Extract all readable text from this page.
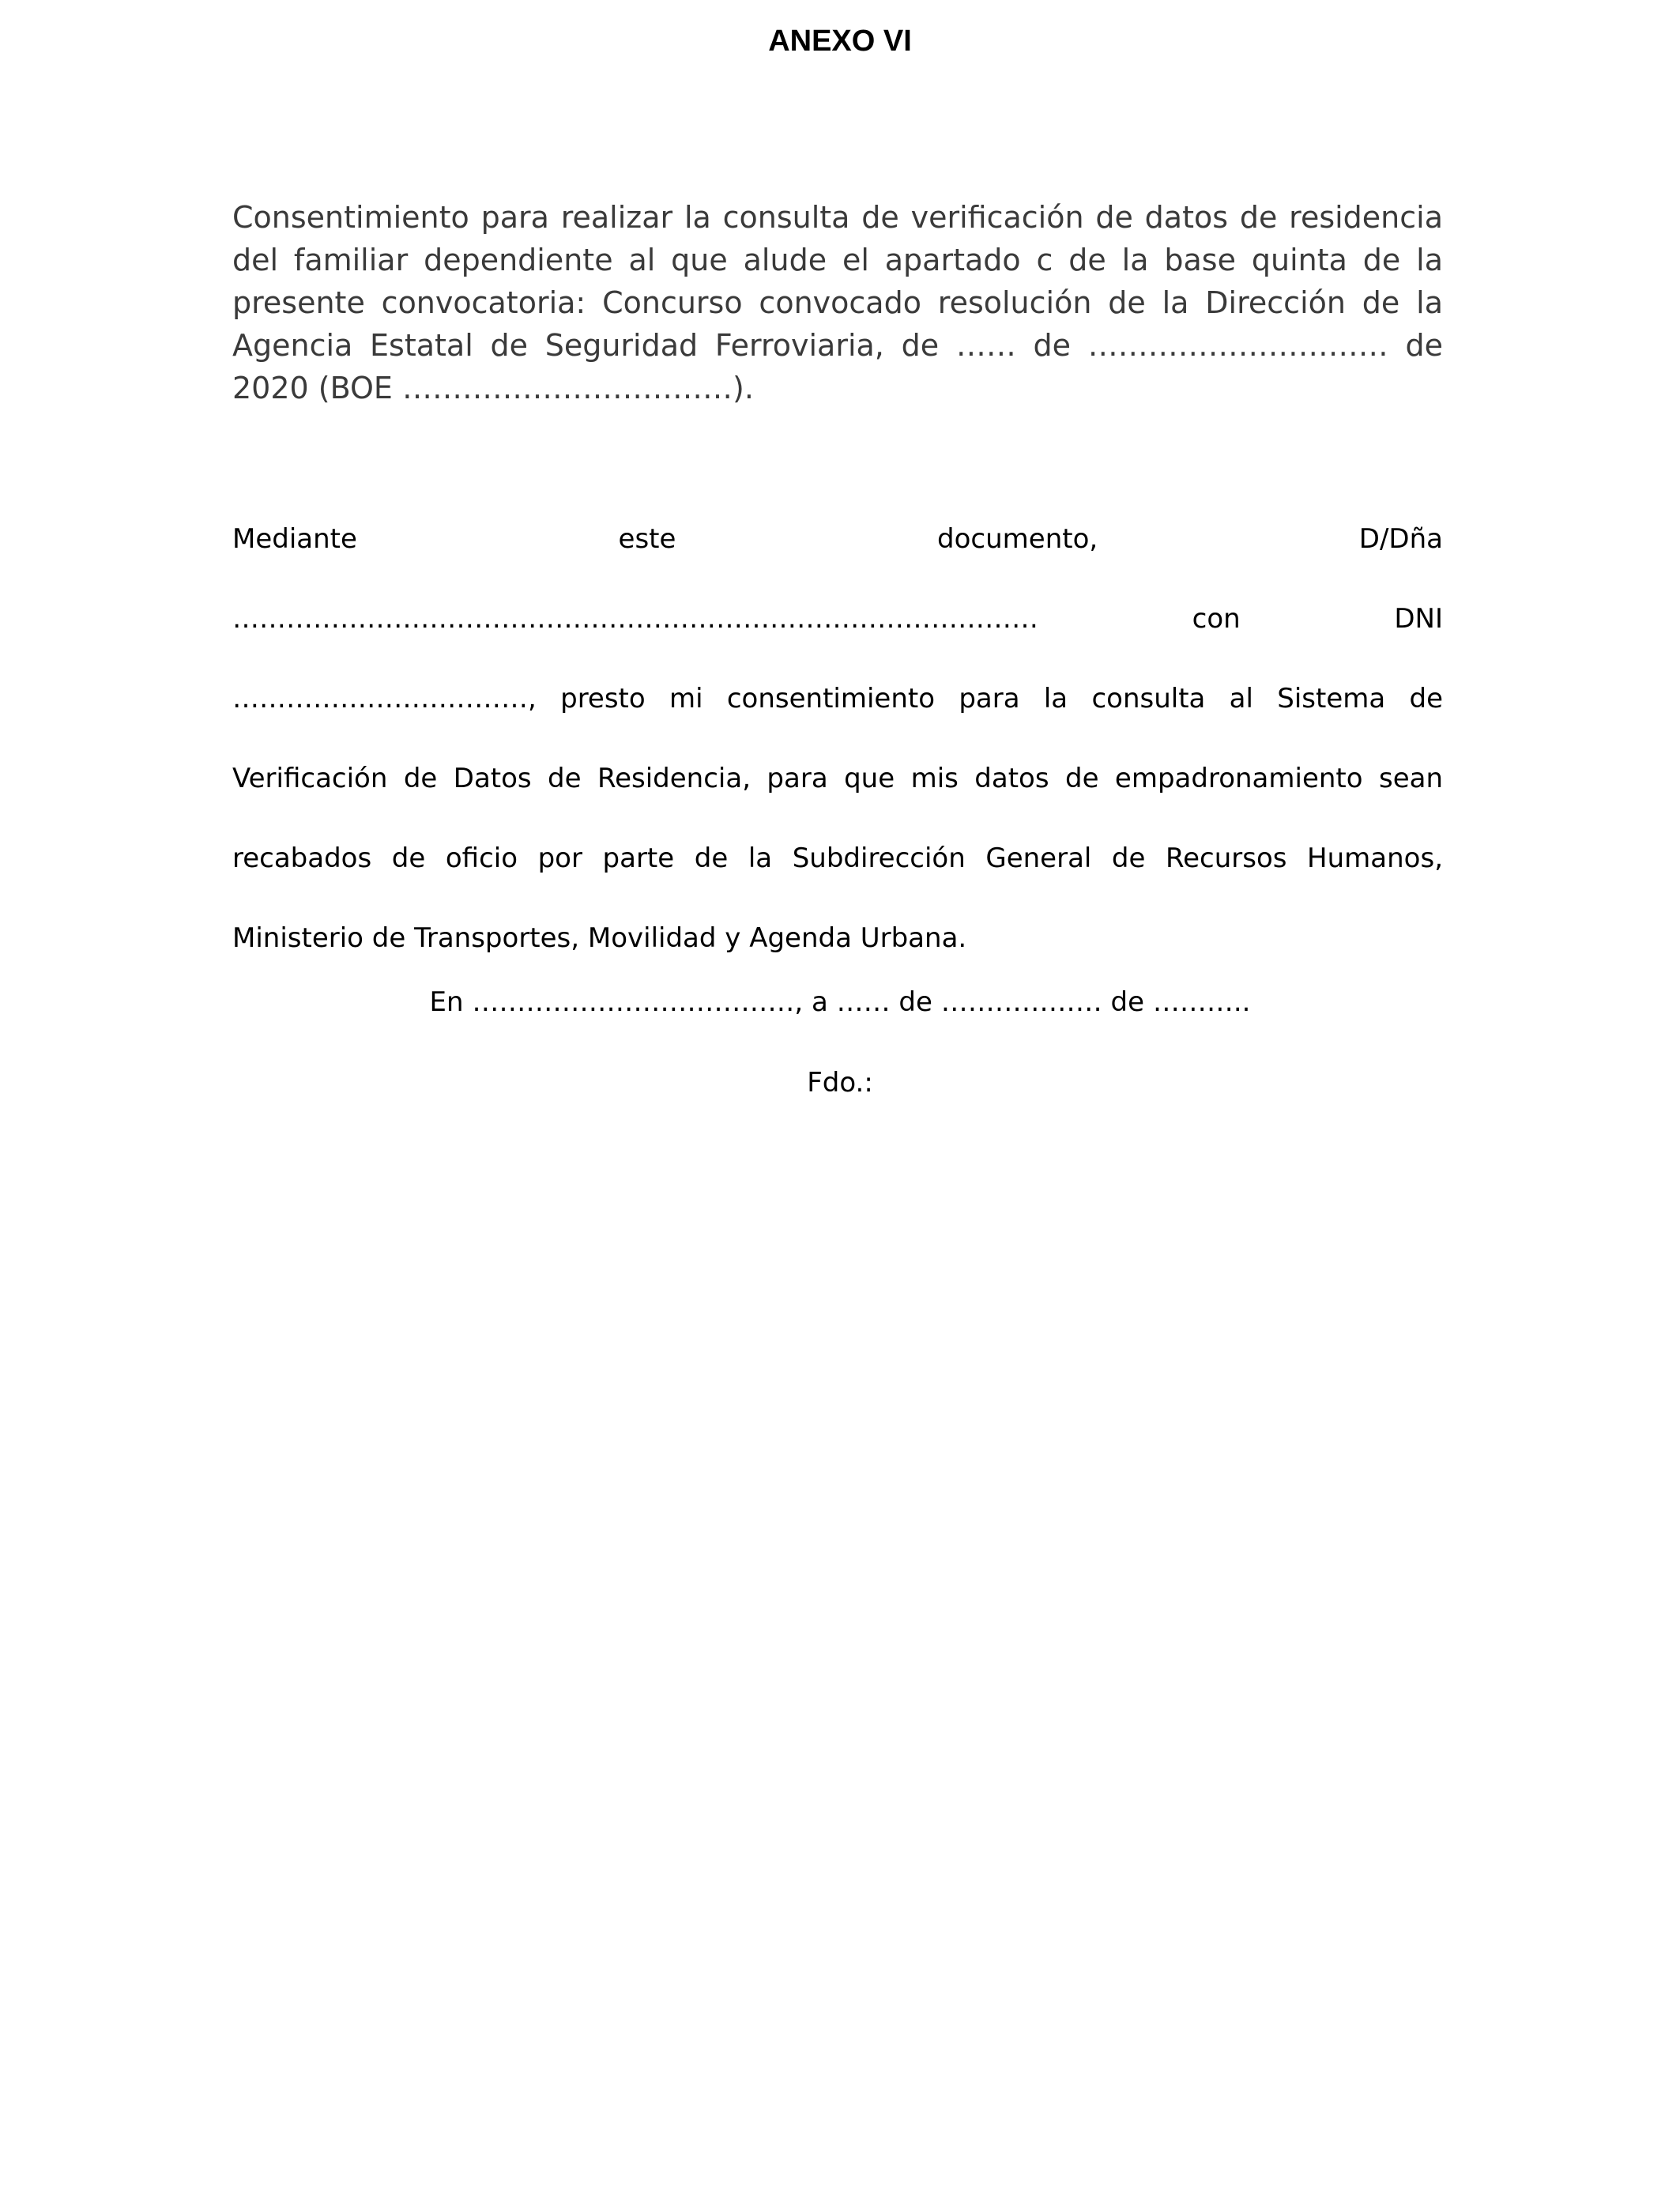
ANEXO VI

Consentimiento para realizar la consulta de verificación de datos de residencia del familiar dependiente al que alude el apartado c de la base quinta de la presente convocatoria: Concurso convocado resolución de la Dirección de la Agencia Estatal de Seguridad Ferroviaria, de …… de ………………………… de 2020 (BOE ……………………………).

Mediante este documento, D/Dña ……………………………………………………………………………… con DNI ……………………………, presto mi consentimiento para la consulta al Sistema de Verificación de Datos de Residencia, para que mis datos de empadronamiento sean recabados de oficio por parte de la Subdirección General de Recursos Humanos, Ministerio de Transportes, Movilidad y Agenda Urbana.

En ………………………………, a …… de ……………… de ………..
Fdo.:
